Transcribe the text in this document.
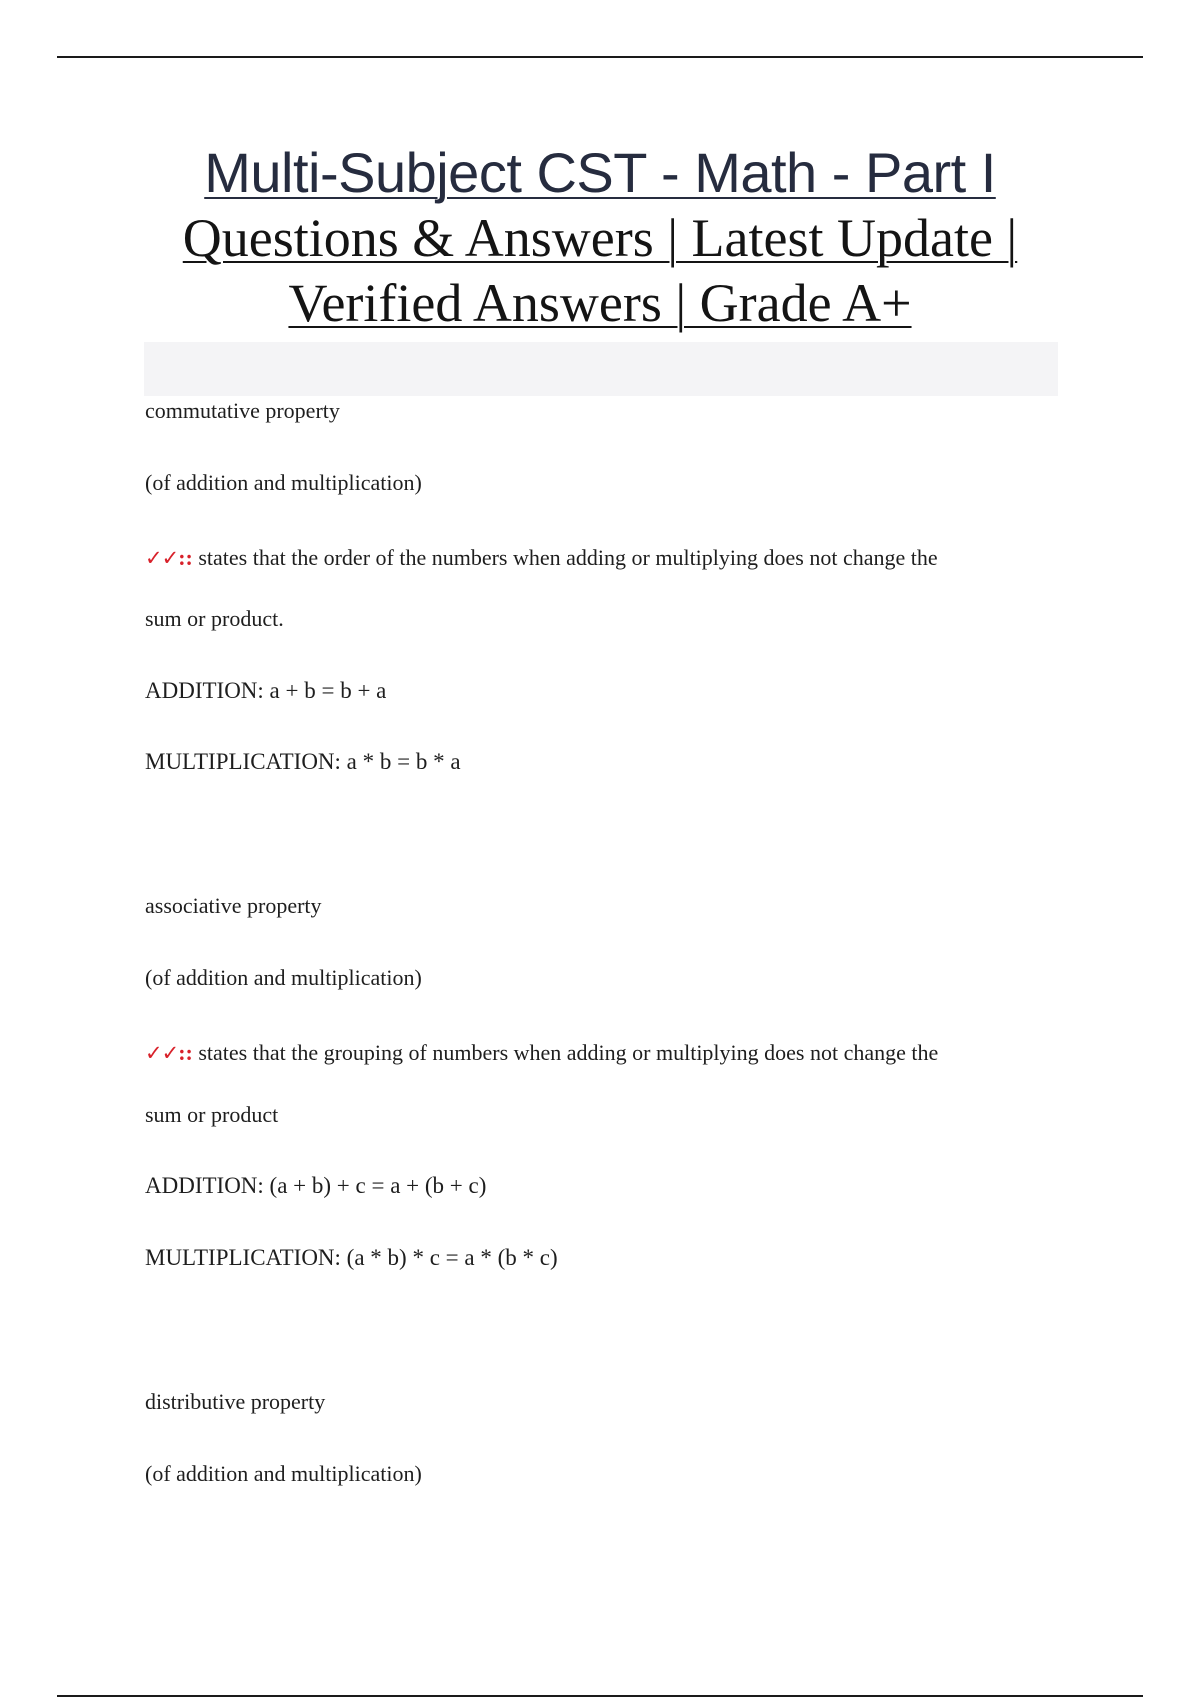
Multi-Subject CST - Math - Part I
Questions & Answers | Latest Update |
Verified Answers | Grade A+
commutative property
(of addition and multiplication)
✓✓:: states that the order of the numbers when adding or multiplying does not change the
sum or product.
ADDITION: a + b = b + a
MULTIPLICATION: a * b = b * a
associative property
(of addition and multiplication)
✓✓:: states that the grouping of numbers when adding or multiplying does not change the
sum or product
ADDITION: (a + b) + c = a + (b + c)
MULTIPLICATION: (a * b) * c = a * (b * c)
distributive property
(of addition and multiplication)
